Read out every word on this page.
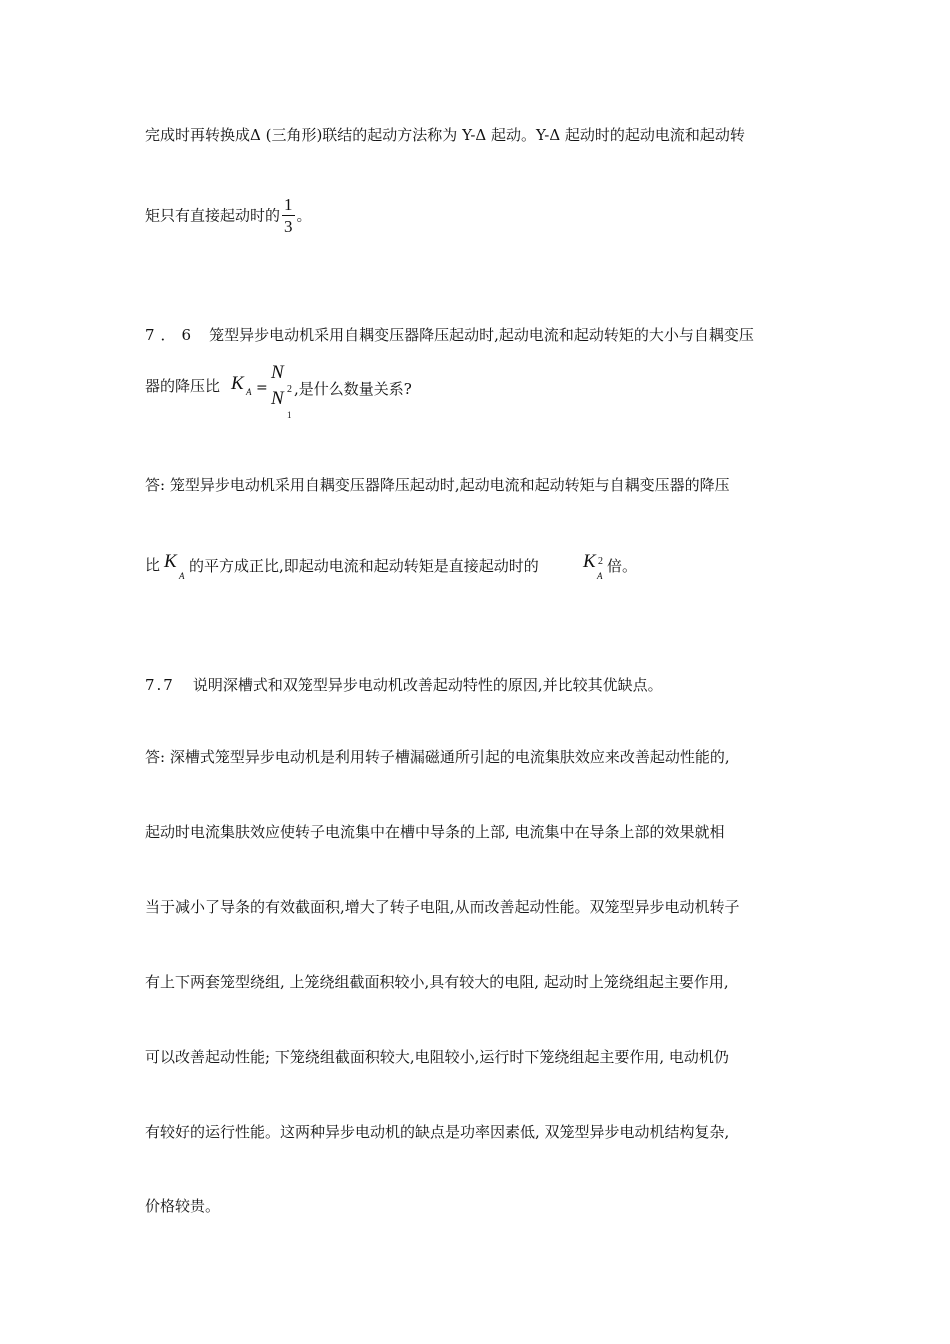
完成时再转换成Δ (三角形)联结的起动方法称为 Y-Δ 起动。Y-Δ 起动时的起动电流和起动转
矩只有直接起动时的 $\frac{1}{3}$ 。
7．6 笼型异步电动机采用自耦变压器降压起动时,起动电流和起动转矩的大小与自耦变压
器的降压比 K A =
N
N 2
1
,是什么数量关系?
答: 笼型异步电动机采用自耦变压器降压起动时,起动电流和起动转矩与自耦变压器的降压
比 K
A
的平方成正比,即起动电流和起动转矩是直接起动时的 K 2
A
倍。
7.7 说明深槽式和双笼型异步电动机改善起动特性的原因,并比较其优缺点。
答: 深槽式笼型异步电动机是利用转子槽漏磁通所引起的电流集肤效应来改善起动性能的,
起动时电流集肤效应使转子电流集中在槽中导条的上部, 电流集中在导条上部的效果就相
当于减小了导条的有效截面积,增大了转子电阻,从而改善起动性能。双笼型异步电动机转子
有上下两套笼型绕组, 上笼绕组截面积较小,具有较大的电阻, 起动时上笼绕组起主要作用,
可以改善起动性能; 下笼绕组截面积较大,电阻较小,运行时下笼绕组起主要作用, 电动机仍
有较好的运行性能。这两种异步电动机的缺点是功率因素低, 双笼型异步电动机结构复杂,
价格较贵。
